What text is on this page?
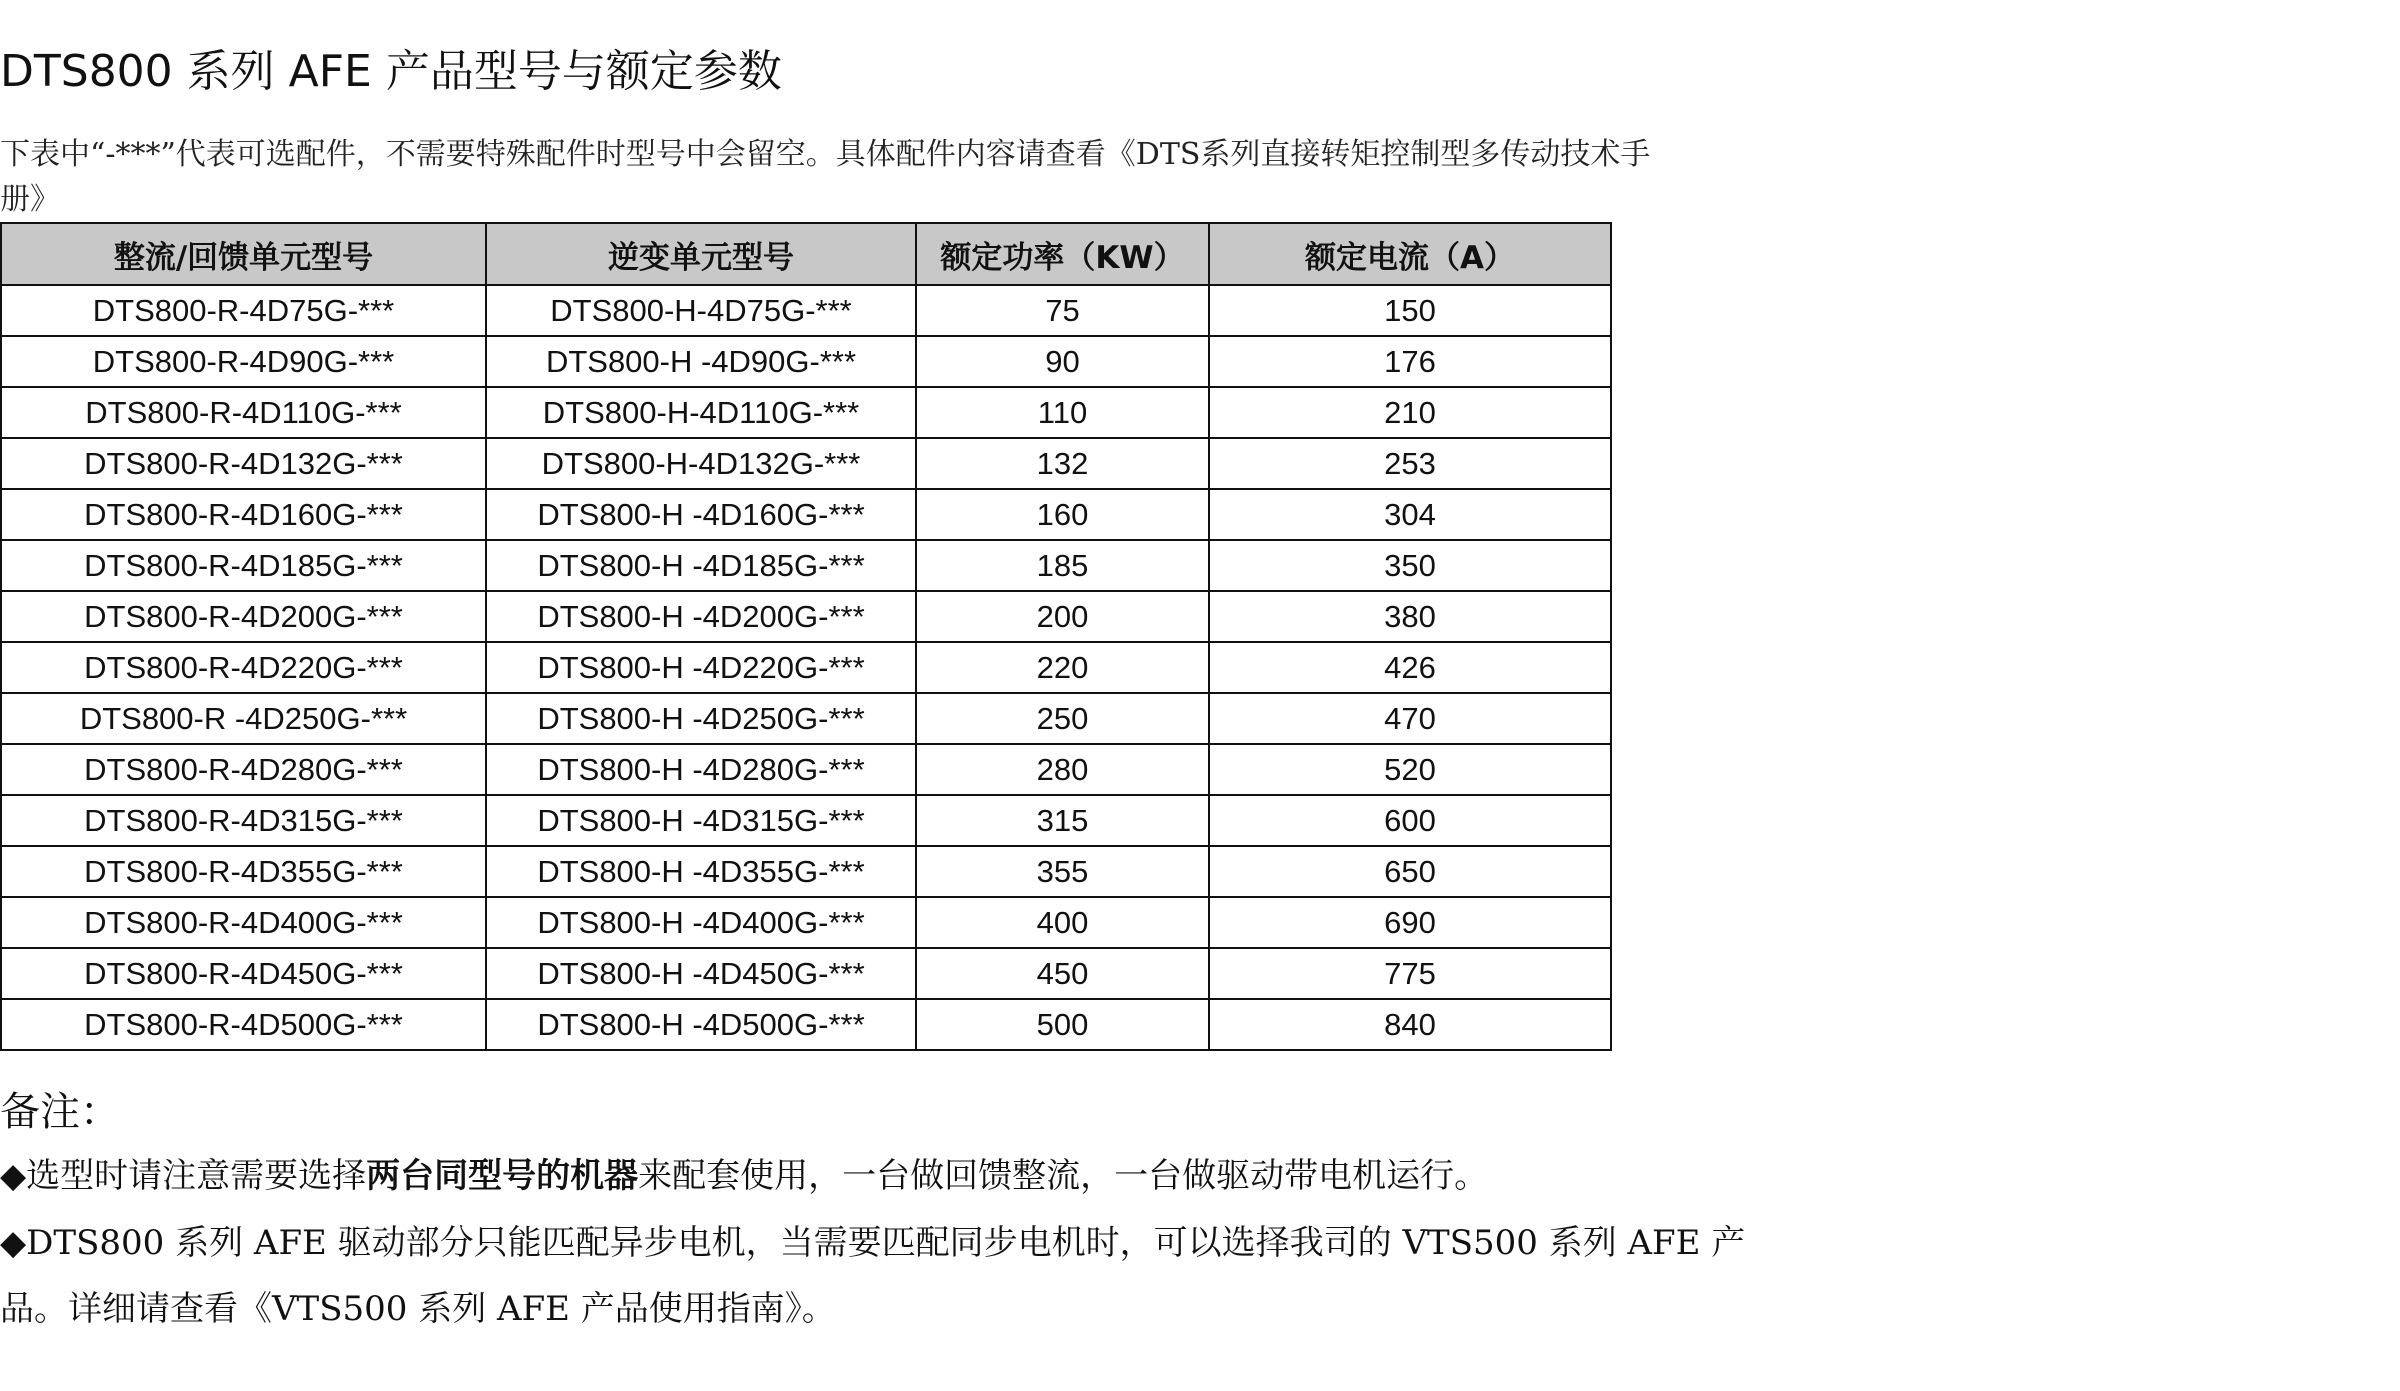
DTS800 系列 AFE 产品型号与额定参数
下表中“-***”代表可选配件，不需要特殊配件时型号中会留空。具体配件内容请查看《DTS系列直接转矩控制型多传动技术手册》
整流/回馈单元型号	逆变单元型号	额定功率（KW）	额定电流（A）
DTS800-R-4D75G-***	DTS800-H-4D75G-***	75	150
DTS800-R-4D90G-***	DTS800-H -4D90G-***	90	176
DTS800-R-4D110G-***	DTS800-H-4D110G-***	110	210
DTS800-R-4D132G-***	DTS800-H-4D132G-***	132	253
DTS800-R-4D160G-***	DTS800-H -4D160G-***	160	304
DTS800-R-4D185G-***	DTS800-H -4D185G-***	185	350
DTS800-R-4D200G-***	DTS800-H -4D200G-***	200	380
DTS800-R-4D220G-***	DTS800-H -4D220G-***	220	426
DTS800-R -4D250G-***	DTS800-H -4D250G-***	250	470
DTS800-R-4D280G-***	DTS800-H -4D280G-***	280	520
DTS800-R-4D315G-***	DTS800-H -4D315G-***	315	600
DTS800-R-4D355G-***	DTS800-H -4D355G-***	355	650
DTS800-R-4D400G-***	DTS800-H -4D400G-***	400	690
DTS800-R-4D450G-***	DTS800-H -4D450G-***	450	775
DTS800-R-4D500G-***	DTS800-H -4D500G-***	500	840
备注：
◆选型时请注意需要选择两台同型号的机器来配套使用，一台做回馈整流，一台做驱动带电机运行。
◆DTS800 系列 AFE 驱动部分只能匹配异步电机，当需要匹配同步电机时，可以选择我司的 VTS500 系列 AFE 产品。详细请查看《VTS500 系列 AFE 产品使用指南》。
